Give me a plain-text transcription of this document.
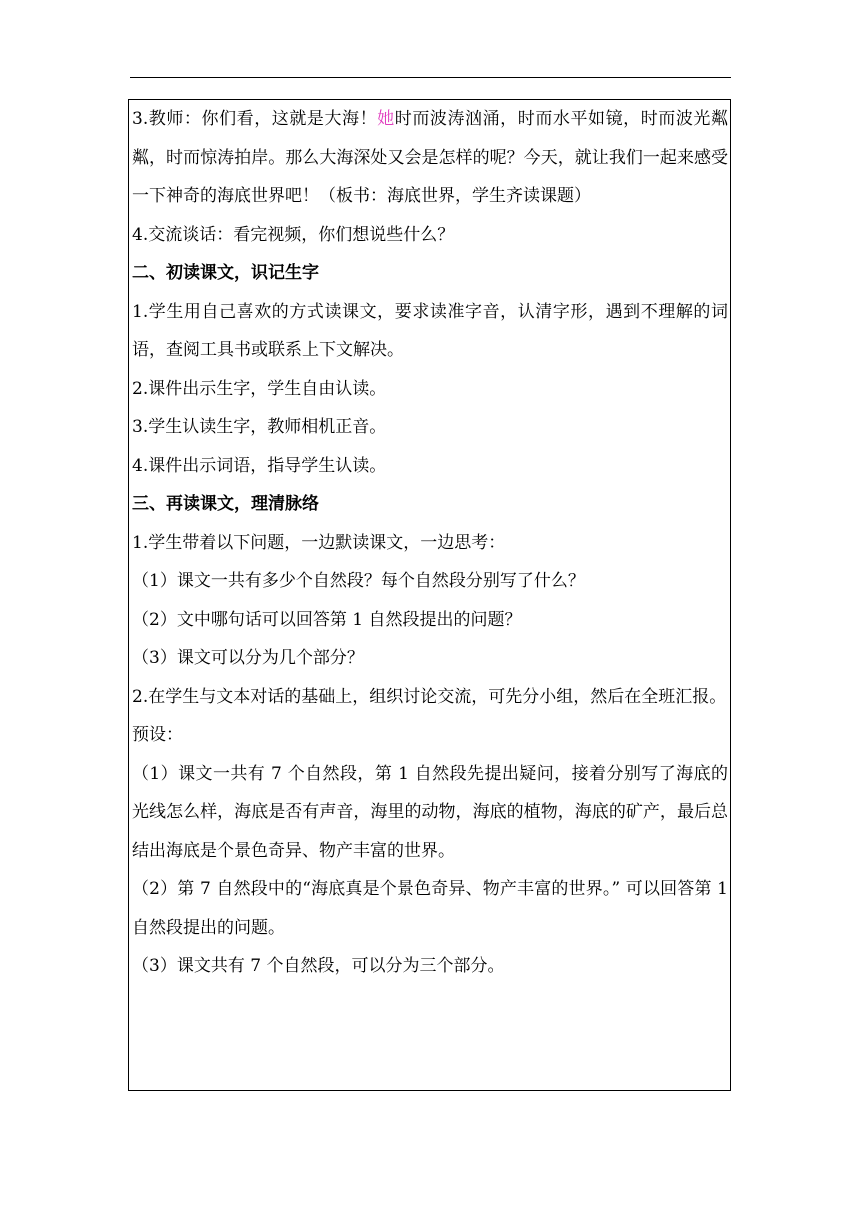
3.教师：你们看，这就是大海！她时而波涛汹涌，时而水平如镜，时而波光粼粼，时而惊涛拍岸。那么大海深处又会是怎样的呢？今天，就让我们一起来感受一下神奇的海底世界吧！（板书：海底世界，学生齐读课题）

4.交流谈话：看完视频，你们想说些什么？

二、初读课文，识记生字

1.学生用自己喜欢的方式读课文，要求读准字音，认清字形，遇到不理解的词语，查阅工具书或联系上下文解决。

2.课件出示生字，学生自由认读。

3.学生认读生字，教师相机正音。

4.课件出示词语，指导学生认读。

三、再读课文，理清脉络

1.学生带着以下问题，一边默读课文，一边思考：

（1）课文一共有多少个自然段？每个自然段分别写了什么？

（2）文中哪句话可以回答第 1 自然段提出的问题？

（3）课文可以分为几个部分？

2.在学生与文本对话的基础上，组织讨论交流，可先分小组，然后在全班汇报。

预设：

（1）课文一共有 7 个自然段，第 1 自然段先提出疑问，接着分别写了海底的光线怎么样，海底是否有声音，海里的动物，海底的植物，海底的矿产，最后总结出海底是个景色奇异、物产丰富的世界。

（2）第 7 自然段中的“海底真是个景色奇异、物产丰富的世界。” 可以回答第 1 自然段提出的问题。

（3）课文共有 7 个自然段，可以分为三个部分。
